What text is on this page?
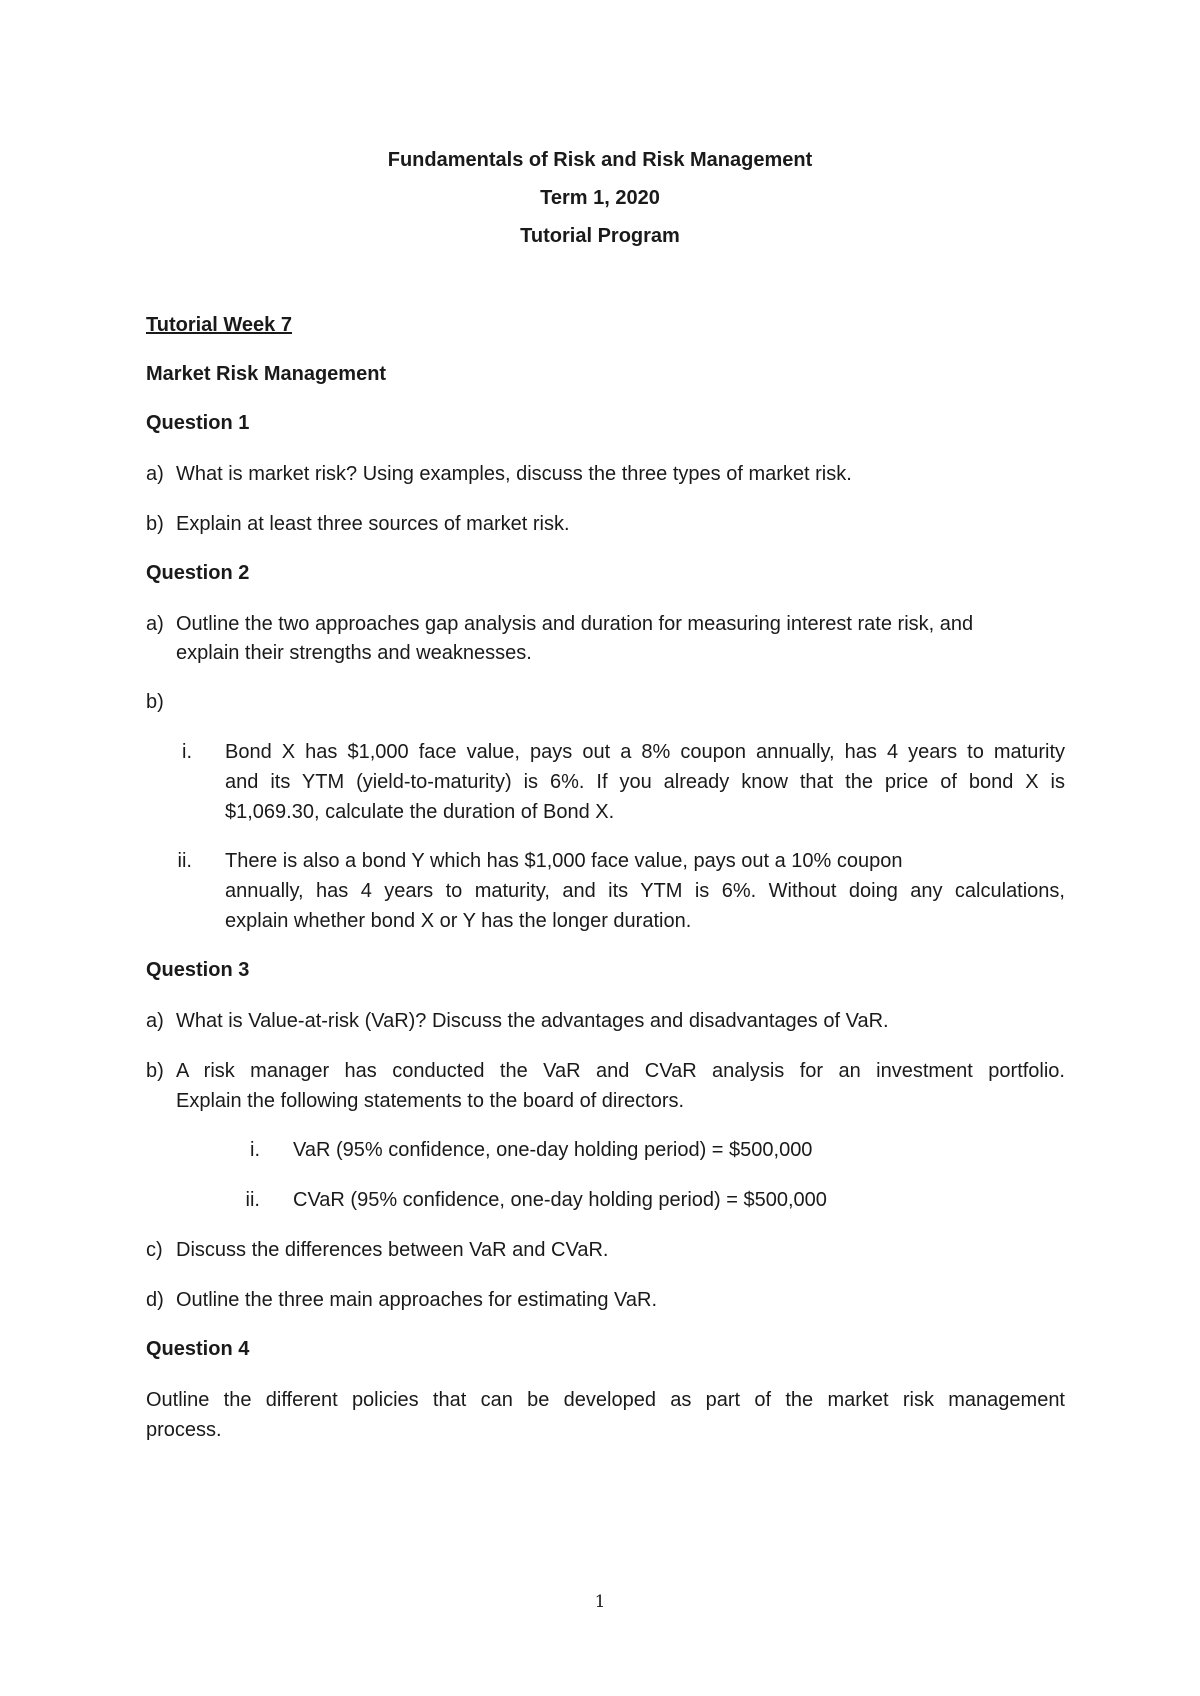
Fundamentals of Risk and Risk Management
Term 1, 2020
Tutorial Program
Tutorial Week 7
Market Risk Management
Question 1
a) What is market risk? Using examples, discuss the three types of market risk.
b) Explain at least three sources of market risk.
Question 2
a) Outline the two approaches gap analysis and duration for measuring interest rate risk, and
explain their strengths and weaknesses.
b)
i. Bond X has $1,000 face value, pays out a 8% coupon annually, has 4 years to maturity
and its YTM (yield-to-maturity) is 6%. If you already know that the price of bond X is
$1,069.30, calculate the duration of Bond X.
ii. There is also a bond Y which has $1,000 face value, pays out a 10% coupon
annually, has 4 years to maturity, and its YTM is 6%. Without doing any calculations,
explain whether bond X or Y has the longer duration.
Question 3
a) What is Value-at-risk (VaR)? Discuss the advantages and disadvantages of VaR.
b) A risk manager has conducted the VaR and CVaR analysis for an investment portfolio.
Explain the following statements to the board of directors.
i. VaR (95% confidence, one-day holding period) = $500,000
ii. CVaR (95% confidence, one-day holding period) = $500,000
c) Discuss the differences between VaR and CVaR.
d) Outline the three main approaches for estimating VaR.
Question 4
Outline the different policies that can be developed as part of the market risk management
process.
1
